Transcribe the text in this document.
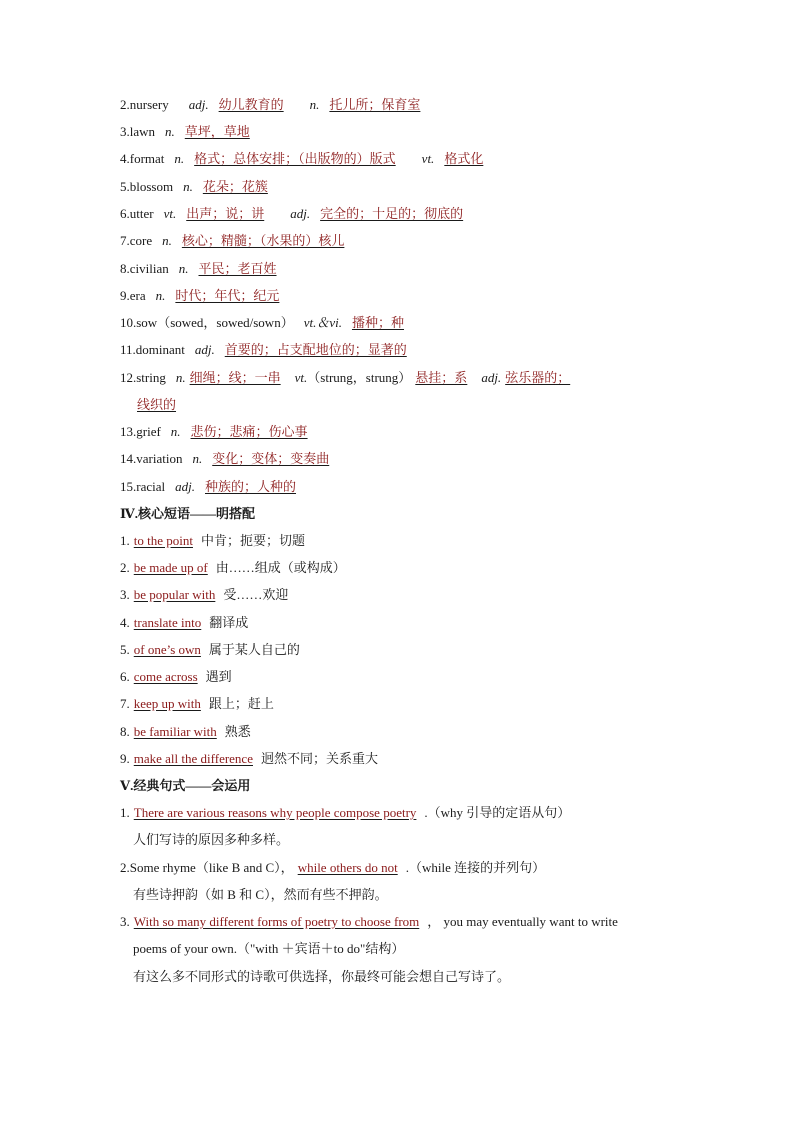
2.nursery adj. 幼儿教育的 n. 托儿所；保育室
3.lawn n. 草坪，草地
4.format n. 格式；总体安排；（出版物的）版式 vt. 格式化
5.blossom n. 花朵；花簇
6.utter vt. 出声；说；讲 adj. 完全的；十足的；彻底的
7.core n. 核心；精髓；（水果的）核儿
8.civilian n. 平民；老百姓
9.era n. 时代；年代；纪元
10.sow（sowed，sowed/sown） vt.＆vi. 播种；种
11.dominant adj. 首要的；占支配地位的；显著的
12.string n. 细绳；线；一串 vt.（strung，strung） 悬挂；系 adj. 弦乐器的；
线织的
13.grief n. 悲伤；悲痛；伤心事
14.variation n. 变化；变体；变奏曲
15.racial adj. 种族的；人种的
Ⅳ.核心短语——明搭配
1. to the point 中肯；扼要；切题
2. be made up of 由……组成（或构成）
3. be popular with 受……欢迎
4. translate into 翻译成
5. of one’s own 属于某人自己的
6. come across 遇到
7. keep up with 跟上；赶上
8. be familiar with 熟悉
9. make all the difference 迥然不同；关系重大
Ⅴ.经典句式——会运用
1. There are various reasons why people compose poetry .（why 引导的定语从句）
人们写诗的原因多种多样。
2.Some rhyme（like B and C）， while others do not .（while 连接的并列句）
有些诗押韵（如 B 和 C），然而有些不押韵。
3. With so many different forms of poetry to choose from ， you may eventually want to write
poems of your own.（"with ＋宾语＋to do"结构）
有这么多不同形式的诗歌可供选择，你最终可能会想自己写诗了。
